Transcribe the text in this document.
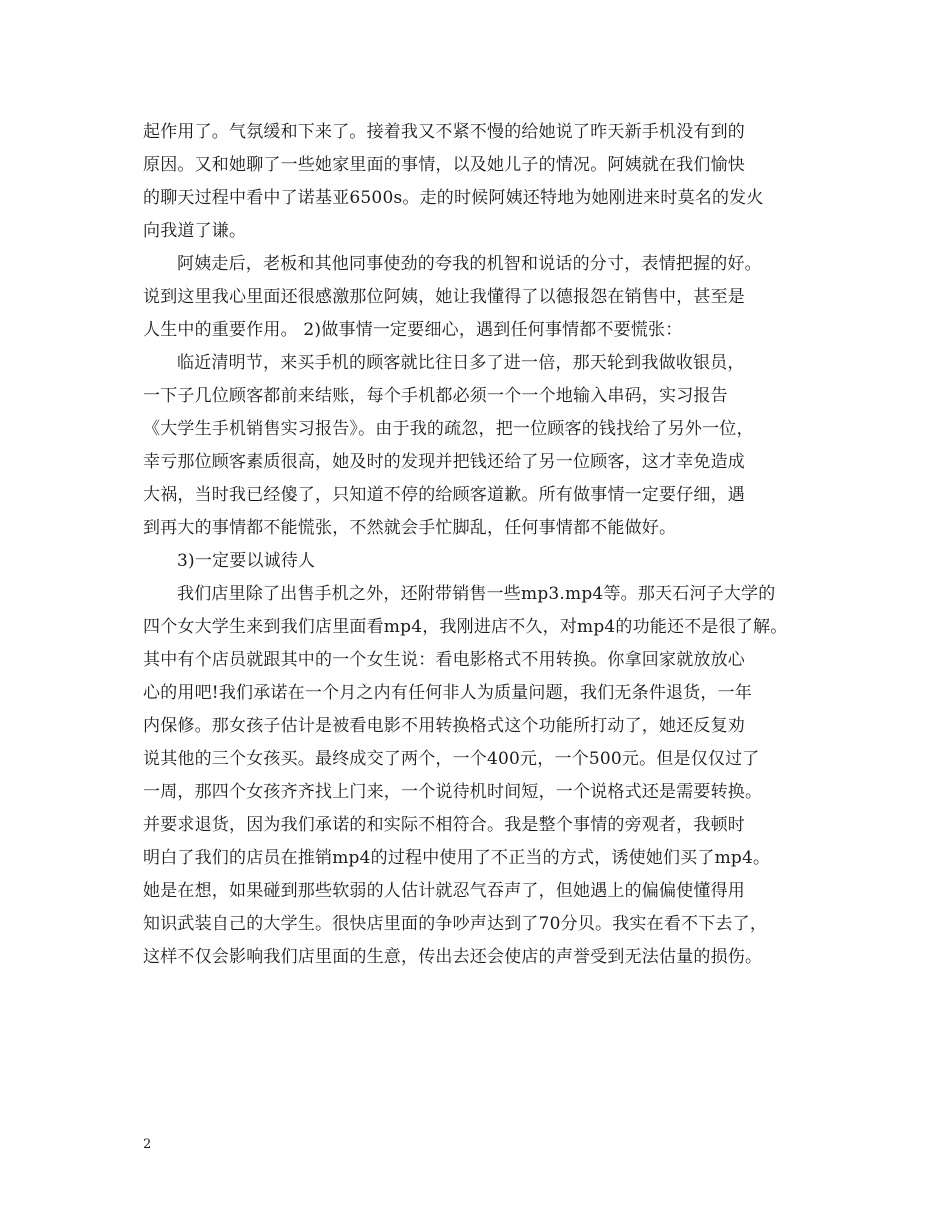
起作用了。气氛缓和下来了。接着我又不紧不慢的给她说了昨天新手机没有到的
原因。又和她聊了一些她家里面的事情，以及她儿子的情况。阿姨就在我们愉快
的聊天过程中看中了诺基亚6500s。走的时候阿姨还特地为她刚进来时莫名的发火
向我道了谦。
阿姨走后，老板和其他同事使劲的夸我的机智和说话的分寸，表情把握的好。
说到这里我心里面还很感激那位阿姨，她让我懂得了以德报怨在销售中，甚至是
人生中的重要作用。 2)做事情一定要细心，遇到任何事情都不要慌张：
临近清明节，来买手机的顾客就比往日多了进一倍，那天轮到我做收银员，
一下子几位顾客都前来结账，每个手机都必须一个一个地输入串码，实习报告
《大学生手机销售实习报告》。由于我的疏忽，把一位顾客的钱找给了另外一位，
幸亏那位顾客素质很高，她及时的发现并把钱还给了另一位顾客，这才幸免造成
大祸，当时我已经傻了，只知道不停的给顾客道歉。所有做事情一定要仔细，遇
到再大的事情都不能慌张，不然就会手忙脚乱，任何事情都不能做好。
3)一定要以诚待人
我们店里除了出售手机之外，还附带销售一些mp3.mp4等。那天石河子大学的
四个女大学生来到我们店里面看mp4，我刚进店不久，对mp4的功能还不是很了解。
其中有个店员就跟其中的一个女生说：看电影格式不用转换。你拿回家就放放心
心的用吧!我们承诺在一个月之内有任何非人为质量问题，我们无条件退货，一年
内保修。那女孩子估计是被看电影不用转换格式这个功能所打动了，她还反复劝
说其他的三个女孩买。最终成交了两个，一个400元，一个500元。但是仅仅过了
一周，那四个女孩齐齐找上门来，一个说待机时间短，一个说格式还是需要转换。
并要求退货，因为我们承诺的和实际不相符合。我是整个事情的旁观者，我顿时
明白了我们的店员在推销mp4的过程中使用了不正当的方式，诱使她们买了mp4。
她是在想，如果碰到那些软弱的人估计就忍气吞声了，但她遇上的偏偏使懂得用
知识武装自己的大学生。很快店里面的争吵声达到了70分贝。我实在看不下去了，
这样不仅会影响我们店里面的生意，传出去还会使店的声誉受到无法估量的损伤。
2
